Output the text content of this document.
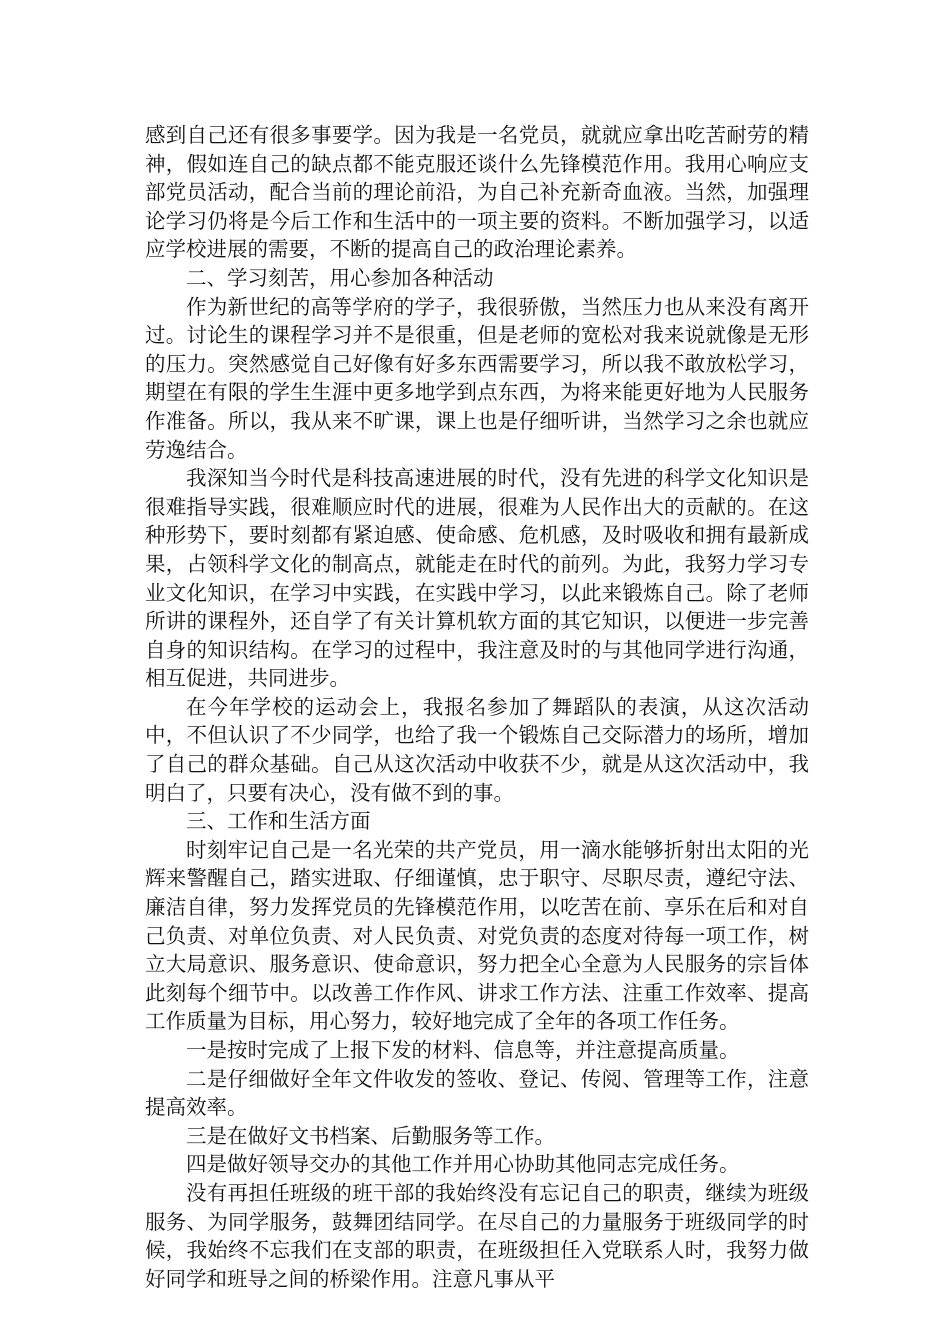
感到自己还有很多事要学。因为我是一名党员，就就应拿出吃苦耐劳的精神，假如连自己的缺点都不能克服还谈什么先锋模范作用。我用心响应支部党员活动，配合当前的理论前沿，为自己补充新奇血液。当然，加强理论学习仍将是今后工作和生活中的一项主要的资料。不断加强学习，以适应学校进展的需要，不断的提高自己的政治理论素养。

二、学习刻苦，用心参加各种活动

作为新世纪的高等学府的学子，我很骄傲，当然压力也从来没有离开过。讨论生的课程学习并不是很重，但是老师的宽松对我来说就像是无形的压力。突然感觉自己好像有好多东西需要学习，所以我不敢放松学习，期望在有限的学生生涯中更多地学到点东西，为将来能更好地为人民服务作准备。所以，我从来不旷课，课上也是仔细听讲，当然学习之余也就应劳逸结合。

我深知当今时代是科技高速进展的时代，没有先进的科学文化知识是很难指导实践，很难顺应时代的进展，很难为人民作出大的贡献的。在这种形势下，要时刻都有紧迫感、使命感、危机感，及时吸收和拥有最新成果，占领科学文化的制高点，就能走在时代的前列。为此，我努力学习专业文化知识，在学习中实践，在实践中学习，以此来锻炼自己。除了老师所讲的课程外，还自学了有关计算机软方面的其它知识，以便进一步完善自身的知识结构。在学习的过程中，我注意及时的与其他同学进行沟通，相互促进，共同进步。

在今年学校的运动会上，我报名参加了舞蹈队的表演，从这次活动中，不但认识了不少同学，也给了我一个锻炼自己交际潜力的场所，增加了自己的群众基础。自己从这次活动中收获不少，就是从这次活动中，我明白了，只要有决心，没有做不到的事。

三、工作和生活方面

时刻牢记自己是一名光荣的共产党员，用一滴水能够折射出太阳的光辉来警醒自己，踏实进取、仔细谨慎，忠于职守、尽职尽责，遵纪守法、廉洁自律，努力发挥党员的先锋模范作用，以吃苦在前、享乐在后和对自己负责、对单位负责、对人民负责、对党负责的态度对待每一项工作，树立大局意识、服务意识、使命意识，努力把全心全意为人民服务的宗旨体此刻每个细节中。以改善工作作风、讲求工作方法、注重工作效率、提高工作质量为目标，用心努力，较好地完成了全年的各项工作任务。

一是按时完成了上报下发的材料、信息等，并注意提高质量。

二是仔细做好全年文件收发的签收、登记、传阅、管理等工作，注意提高效率。

三是在做好文书档案、后勤服务等工作。

四是做好领导交办的其他工作并用心协助其他同志完成任务。

没有再担任班级的班干部的我始终没有忘记自己的职责，继续为班级服务、为同学服务，鼓舞团结同学。在尽自己的力量服务于班级同学的时候，我始终不忘我们在支部的职责，在班级担任入党联系人时，我努力做好同学和班导之间的桥梁作用。注意凡事从平
